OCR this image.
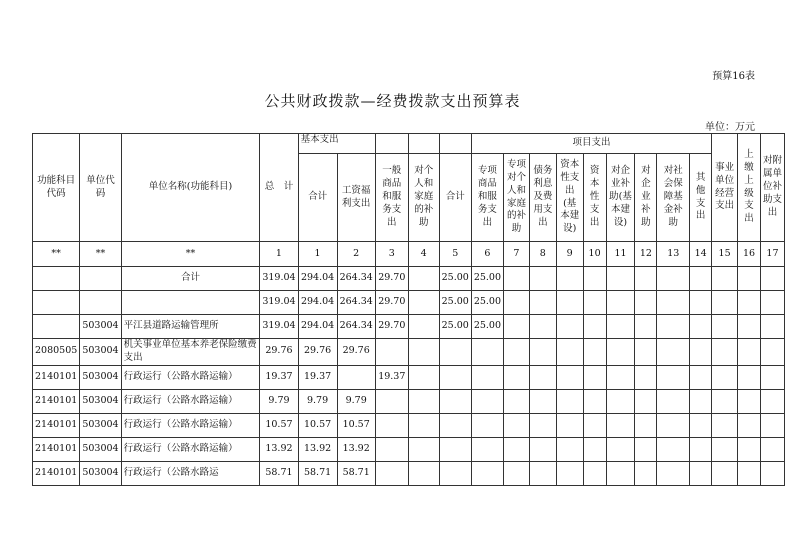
预算16表
公共财政拨款—经费拨款支出预算表
单位：万元
功能科目代码	单位代码	单位名称(功能科目)	总　计	基本支出					项目支出									事业单位经营支出	上缴上级支出	对附属单位补助支出
				合计	工资福利支出	一般商品和服务支出	对个人和家庭的补助	合计	专项商品和服务支出	专项对个人和家庭的补助	债务利息及费用支出	资本性支出(基本建设)	资本性支出	对企业补助(基本建设)	对企业补助	对社会保障基金补助	其他支出			
**	**	**	1	1	2	3	4	5	6	7	8	9	10	11	12	13	14	15	16	17
		合计	319.04	294.04	264.34	29.70		25.00	25.00											
			319.04	294.04	264.34	29.70		25.00	25.00											
	503004	平江县道路运输管理所	319.04	294.04	264.34	29.70		25.00	25.00											
2080505	503004	机关事业单位基本养老保险缴费支出	29.76	29.76	29.76															
2140101	503004	行政运行（公路水路运输）	19.37	19.37		19.37														
2140101	503004	行政运行（公路水路运输）	9.79	9.79	9.79															
2140101	503004	行政运行（公路水路运输）	10.57	10.57	10.57															
2140101	503004	行政运行（公路水路运输）	13.92	13.92	13.92															
2140101	503004	行政运行（公路水路运	58.71	58.71	58.71															
